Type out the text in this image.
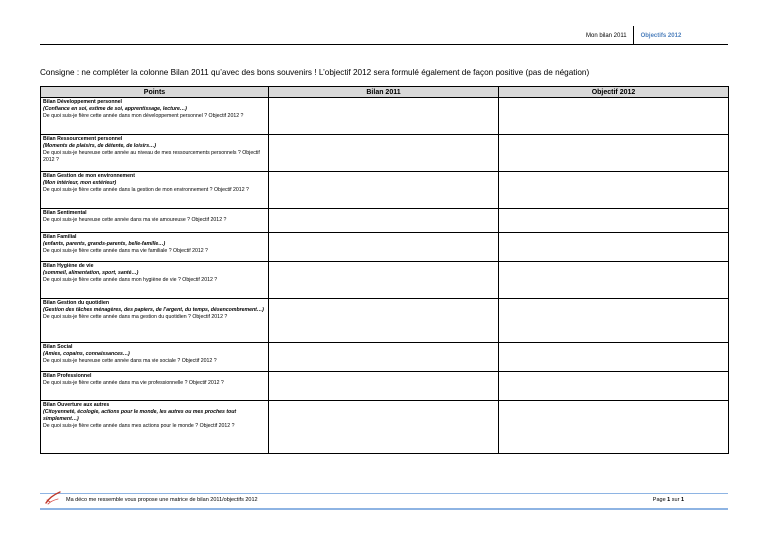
Mon bilan 2011	Objectifs 2012
Consigne : ne compléter la colonne Bilan 2011 qu’avec des bons souvenirs ! L’objectif 2012 sera formulé également de façon positive (pas de négation)
Points	Bilan 2011	Objectif 2012

Bilan Développement personnel
(Confiance en soi, estime de soi, apprentissage, lecture…)
De quoi suis-je fière cette année dans mon développement personnel ? Objectif 2012 ?		

Bilan Ressourcement personnel
(Moments de plaisirs, de détente, de loisirs…)
De quoi suis-je heureuse cette année au niveau de mes ressourcements personnels ? Objectif 2012 ?		

Bilan Gestion de mon environnement
(Mon intérieur, mon extérieur)
De quoi suis-je fière cette année dans la gestion de mon environnement ? Objectif 2012 ?		

Bilan Sentimental
De quoi suis-je heureuse cette année dans ma vie amoureuse ? Objectif 2012 ?		

Bilan Familial
(enfants, parents, grands-parents, belle-famille…)
De quoi suis-je fière cette année dans ma vie familiale ? Objectif 2012 ?		

Bilan Hygiène de vie
(sommeil, alimentation, sport, santé…)
De quoi suis-je fière cette année dans mon hygiène de vie ? Objectif 2012 ?		

Bilan Gestion du quotidien
(Gestion des tâches ménagères, des papiers, de l’argent, du temps, désencombrement…)
De quoi suis-je fière cette année dans ma gestion du quotidien ? Objectif 2012 ?		

Bilan Social
(Amies, copains, connaissances…)
De quoi suis-je heureuse cette année dans ma vie sociale ? Objectif 2012 ?		

Bilan Professionnel
De quoi suis-je fière cette année dans ma vie professionnelle ? Objectif 2012 ?		

Bilan Ouverture aux autres
(Citoyenneté, écologie, actions pour le monde, les autres ou mes proches tout simplement…)
De quoi suis-je fière cette année dans mes actions pour le monde ? Objectif 2012 ?		

Ma déco me ressemble vous propose une matrice de bilan 2011/objectifs 2012	Page 1 sur 1
